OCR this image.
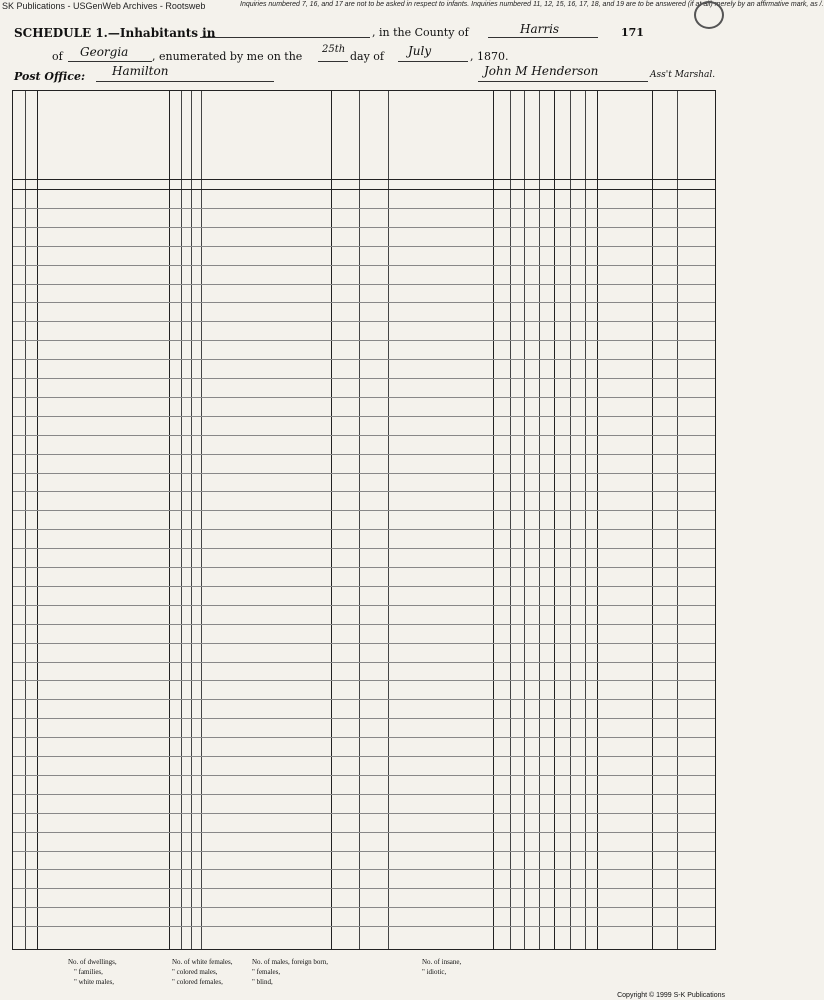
SK Publications - USGenWeb Archives - Rootsweb	Inquiries numbered 7, 16, and 17 are not to be asked in respect to infants. Inquiries numbered 11, 12, 15, 16, 17, 18, and 19 are to be answered (if at all) merely by an affirmative mark, as /.
SCHEDULE 1.—Inhabitants in	, in the County of	Harris	171
of Georgia , enumerated by me on the
25th
day of July	, 1870.
Post Office: Hamilton	John M Henderson	Ass't Marshal.
No. of dwellings,	No. of white females,	No. of males, foreign born,	No. of insane,
" families,	" colored males,	" females,	" idiotic,
" white males,	" colored females,	" blind,
Copyright © 1999 S-K Publications
